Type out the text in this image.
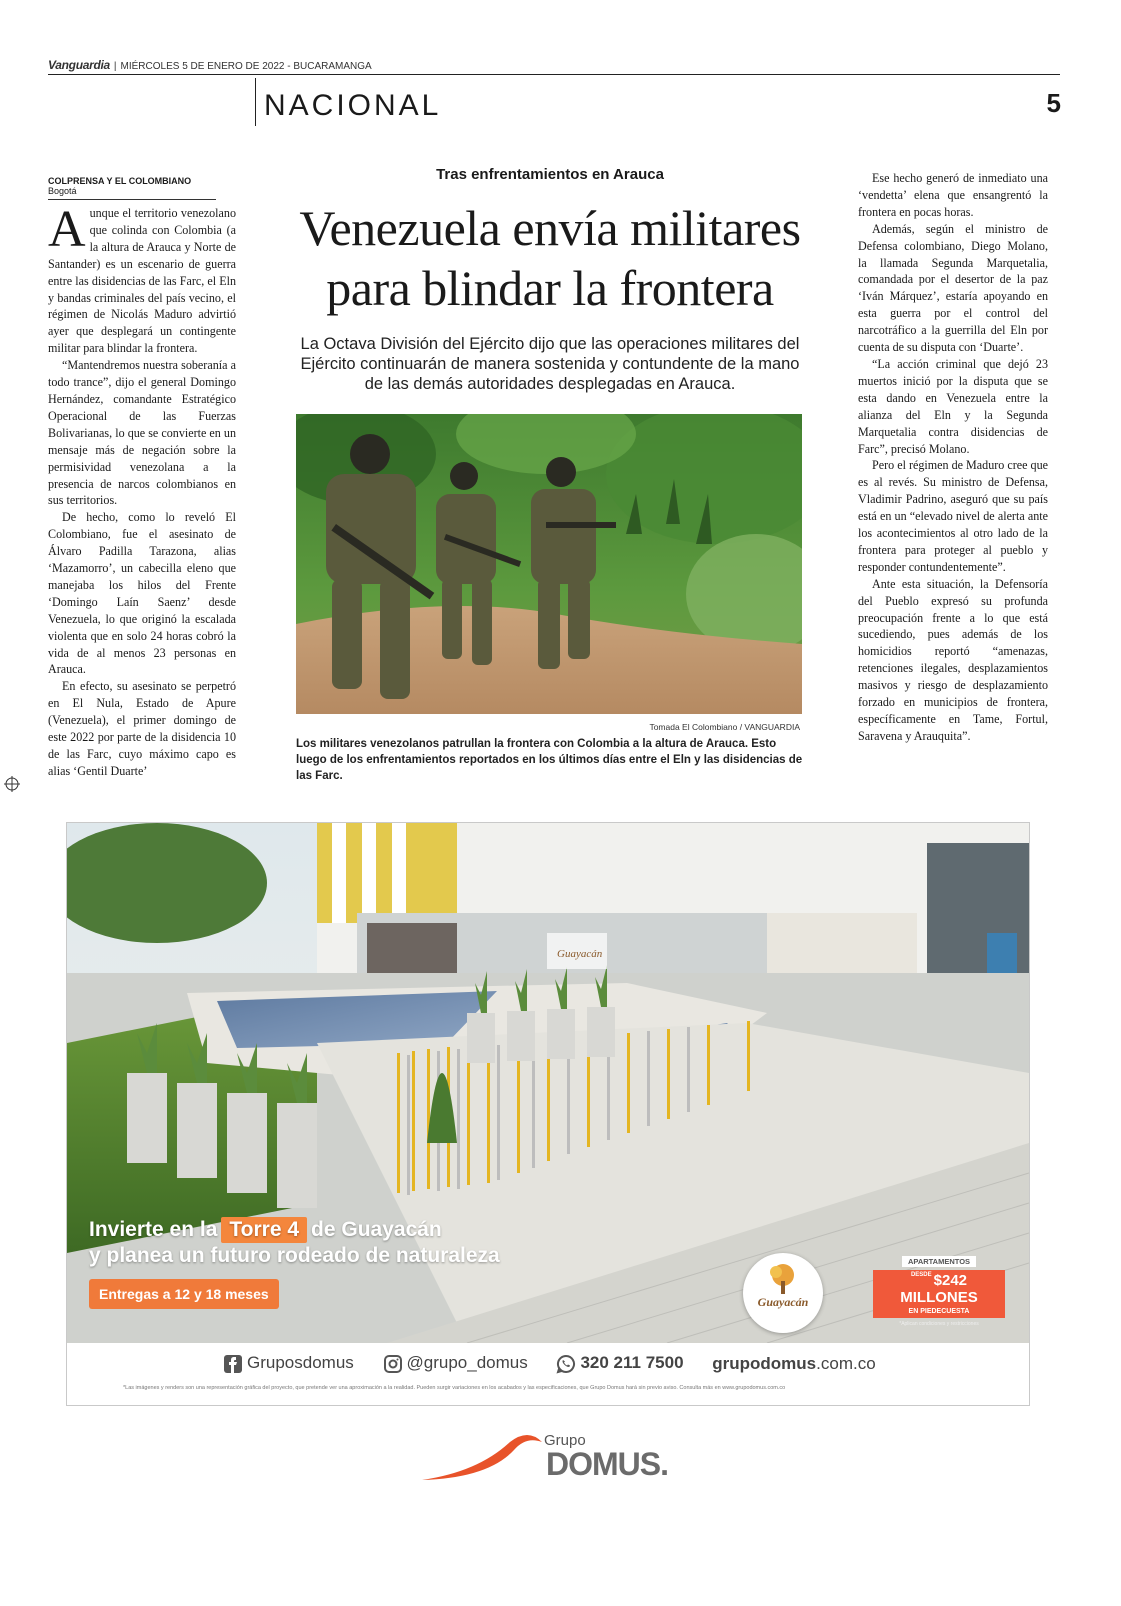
Vanguardia | MIÉRCOLES 5 DE ENERO DE 2022 - BUCARAMANGA
NACIONAL	5
COLPRENSA Y EL COLOMBIANO
Bogotá

Aunque el territorio venezolano que colinda con Colombia (a la altura de Arauca y Norte de Santander) es un escenario de guerra entre las disidencias de las Farc, el Eln y bandas criminales del país vecino, el régimen de Nicolás Maduro advirtió ayer que desplegará un contingente militar para blindar la frontera.

“Mantendremos nuestra soberanía a todo trance”, dijo el general Domingo Hernández, comandante Estratégico Operacional de las Fuerzas Bolivarianas, lo que se convierte en un mensaje más de negación sobre la permisividad venezolana a la presencia de narcos colombianos en sus territorios.

De hecho, como lo reveló El Colombiano, fue el asesinato de Álvaro Padilla Tarazona, alias ‘Mazamorro’, un cabecilla eleno que manejaba los hilos del Frente ‘Domingo Laín Saenz’ desde Venezuela, lo que originó la escalada violenta que en solo 24 horas cobró la vida de al menos 23 personas en Arauca.

En efecto, su asesinato se perpetró en El Nula, Estado de Apure (Venezuela), el primer domingo de este 2022 por parte de la disidencia 10 de las Farc, cuyo máximo capo es alias ‘Gentil Duarte’

Tras enfrentamientos en Arauca
Venezuela envía militares para blindar la frontera
La Octava División del Ejército dijo que las operaciones militares del Ejército continuarán de manera sostenida y contundente de la mano de las demás autoridades desplegadas en Arauca.
Tomada El Colombiano / VANGUARDIA
Los militares venezolanos patrullan la frontera con Colombia a la altura de Arauca. Esto luego de los enfrentamientos reportados en los últimos días entre el Eln y las disidencias de las Farc.

Ese hecho generó de inmediato una ‘vendetta’ elena que ensangrentó la frontera en pocas horas.

Además, según el ministro de Defensa colombiano, Diego Molano, la llamada Segunda Marquetalia, comandada por el desertor de la paz ‘Iván Márquez’, estaría apoyando en esta guerra por el control del narcotráfico a la guerrilla del Eln por cuenta de su disputa con ‘Duarte’.

“La acción criminal que dejó 23 muertos inició por la disputa que se esta dando en Venezuela entre la alianza del Eln y la Segunda Marquetalia contra disidencias de Farc”, precisó Molano.

Pero el régimen de Maduro cree que es al revés. Su ministro de Defensa, Vladimir Padrino, aseguró que su país está en un “elevado nivel de alerta ante los acontecimientos al otro lado de la frontera para proteger al pueblo y responder contundentemente”.

Ante esta situación, la Defensoría del Pueblo expresó su profunda preocupación frente a lo que está sucediendo, pues además de los homicidios reportó “amenazas, retenciones ilegales, desplazamientos masivos y riesgo de desplazamiento forzado en municipios de frontera, específicamente en Tame, Fortul, Saravena y Arauquita”.

Guayacán
Invierte en la Torre 4 de Guayacán
y planea un futuro rodeado de naturaleza
Entregas a 12 y 18 meses	Guayacán
APARTAMENTOS
$^{DESDE}$ $242 MILLONES
EN PIEDECUESTA
*Aplican condiciones y restricciones
Gruposdomus	@grupo_domus	320 211 7500 grupodomus.com.co
*Las imágenes y renders son una representación gráfica del proyecto, que pretende ver una aproximación a la realidad. Pueden surgir variaciones en los acabados y las especificaciones, que Grupo Domus hará sin previo aviso. Consulta más en www.grupodomus.com.co
Grupo
DOMUS.
